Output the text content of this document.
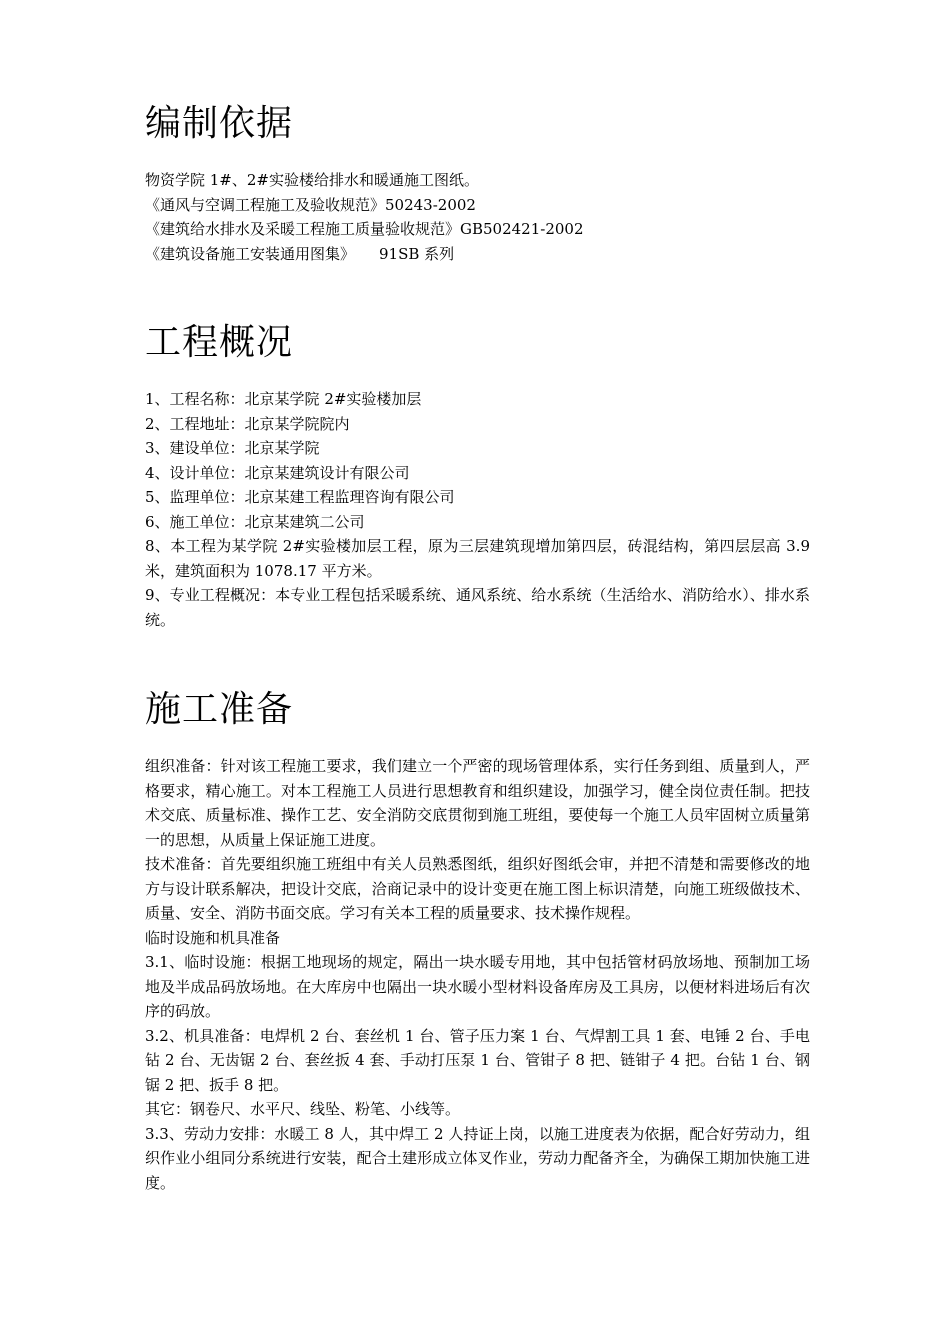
编制依据

物资学院 1#、2#实验楼给排水和暖通施工图纸。

《通风与空调工程施工及验收规范》50243-2002

《建筑给水排水及采暖工程施工质量验收规范》GB502421-2002

《建筑设备施工安装通用图集》 91SB 系列

工程概况

1、工程名称：北京某学院 2#实验楼加层

2、工程地址：北京某学院院内

3、建设单位：北京某学院

4、设计单位：北京某建筑设计有限公司

5、监理单位：北京某建工程监理咨询有限公司

6、施工单位：北京某建筑二公司

8、本工程为某学院 2#实验楼加层工程，原为三层建筑现增加第四层，砖混结构，第四层层高 3.9 米，建筑面积为 1078.17 平方米。

9、专业工程概况：本专业工程包括采暖系统、通风系统、给水系统（生活给水、消防给水）、排水系统。

施工准备

组织准备：针对该工程施工要求，我们建立一个严密的现场管理体系，实行任务到组、质量到人，严格要求，精心施工。对本工程施工人员进行思想教育和组织建设，加强学习，健全岗位责任制。把技术交底、质量标准、操作工艺、安全消防交底贯彻到施工班组，要使每一个施工人员牢固树立质量第一的思想，从质量上保证施工进度。

技术准备：首先要组织施工班组中有关人员熟悉图纸，组织好图纸会审，并把不清楚和需要修改的地方与设计联系解决，把设计交底，洽商记录中的设计变更在施工图上标识清楚，向施工班级做技术、质量、安全、消防书面交底。学习有关本工程的质量要求、技术操作规程。

临时设施和机具准备

3.1、临时设施：根据工地现场的规定，隔出一块水暖专用地，其中包括管材码放场地、预制加工场地及半成品码放场地。在大库房中也隔出一块水暖小型材料设备库房及工具房，以便材料进场后有次序的码放。

3.2、机具准备：电焊机 2 台、套丝机 1 台、管子压力案 1 台、气焊割工具 1 套、电锤 2 台、手电钻 2 台、无齿锯 2 台、套丝扳 4 套、手动打压泵 1 台、管钳子 8 把、链钳子 4 把。台钻 1 台、钢锯 2 把、扳手 8 把。

其它：钢卷尺、水平尺、线坠、粉笔、小线等。

3.3、劳动力安排：水暖工 8 人，其中焊工 2 人持证上岗，以施工进度表为依据，配合好劳动力，组织作业小组同分系统进行安装，配合土建形成立体叉作业，劳动力配备齐全，为确保工期加快施工进度。
